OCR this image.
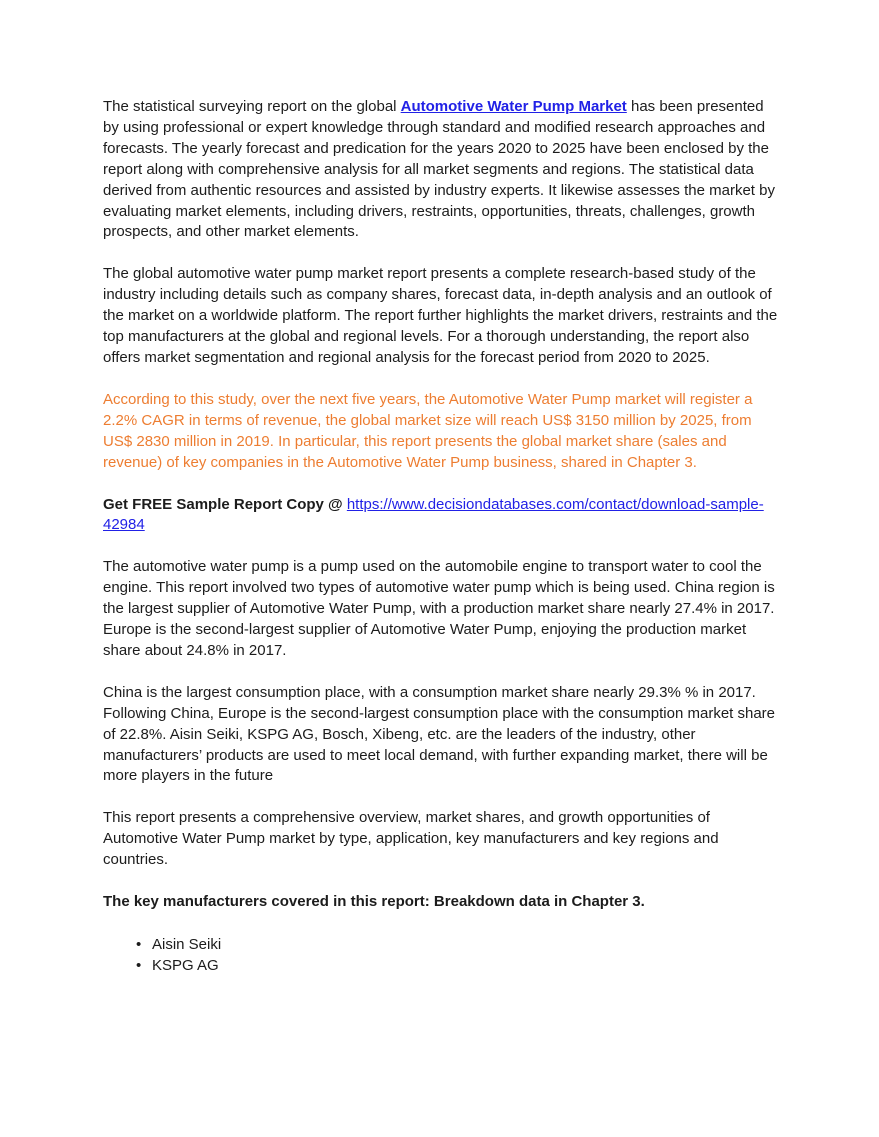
The statistical surveying report on the global Automotive Water Pump Market has been presented by using professional or expert knowledge through standard and modified research approaches and forecasts. The yearly forecast and predication for the years 2020 to 2025 have been enclosed by the report along with comprehensive analysis for all market segments and regions. The statistical data derived from authentic resources and assisted by industry experts. It likewise assesses the market by evaluating market elements, including drivers, restraints, opportunities, threats, challenges, growth prospects, and other market elements.

The global automotive water pump market report presents a complete research-based study of the industry including details such as company shares, forecast data, in-depth analysis and an outlook of the market on a worldwide platform. The report further highlights the market drivers, restraints and the top manufacturers at the global and regional levels. For a thorough understanding, the report also offers market segmentation and regional analysis for the forecast period from 2020 to 2025.

According to this study, over the next five years, the Automotive Water Pump market will register a 2.2% CAGR in terms of revenue, the global market size will reach US$ 3150 million by 2025, from US$ 2830 million in 2019. In particular, this report presents the global market share (sales and revenue) of key companies in the Automotive Water Pump business, shared in Chapter 3.

Get FREE Sample Report Copy @ https://www.decisiondatabases.com/contact/download-sample-42984

The automotive water pump is a pump used on the automobile engine to transport water to cool the engine. This report involved two types of automotive water pump which is being used. China region is the largest supplier of Automotive Water Pump, with a production market share nearly 27.4% in 2017. Europe is the second-largest supplier of Automotive Water Pump, enjoying the production market share about 24.8% in 2017.

China is the largest consumption place, with a consumption market share nearly 29.3% % in 2017. Following China, Europe is the second-largest consumption place with the consumption market share of 22.8%. Aisin Seiki, KSPG AG, Bosch, Xibeng, etc. are the leaders of the industry, other manufacturers’ products are used to meet local demand, with further expanding market, there will be more players in the future

This report presents a comprehensive overview, market shares, and growth opportunities of Automotive Water Pump market by type, application, key manufacturers and key regions and countries.

The key manufacturers covered in this report: Breakdown data in Chapter 3.

• Aisin Seiki
• KSPG AG
